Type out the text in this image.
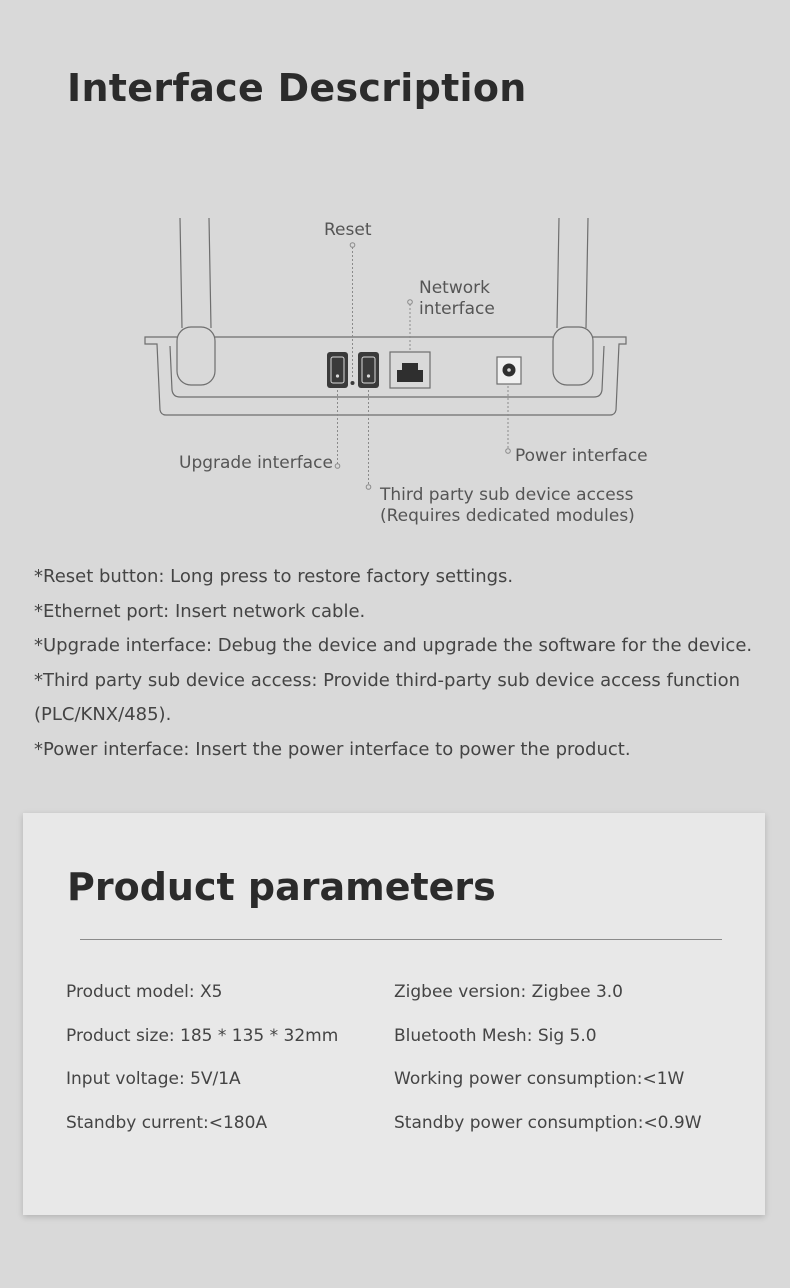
Interface Description
Reset
Network
interface
Upgrade interface	Power interface
Third party sub device access
(Requires dedicated modules)

*Reset button: Long press to restore factory settings.

*Ethernet port: Insert network cable.

*Upgrade interface: Debug the device and upgrade the software for the device.

*Third party sub device access: Provide third-party sub device access function

(PLC/KNX/485).

*Power interface: Insert the power interface to power the product.

Product parameters
Product model: X5
Product size: 185 * 135 * 32mm
Input voltage: 5V/1A
Standby current:<180A
Zigbee version: Zigbee 3.0
Bluetooth Mesh: Sig 5.0
Working power consumption:<1W
Standby power consumption:<0.9W
